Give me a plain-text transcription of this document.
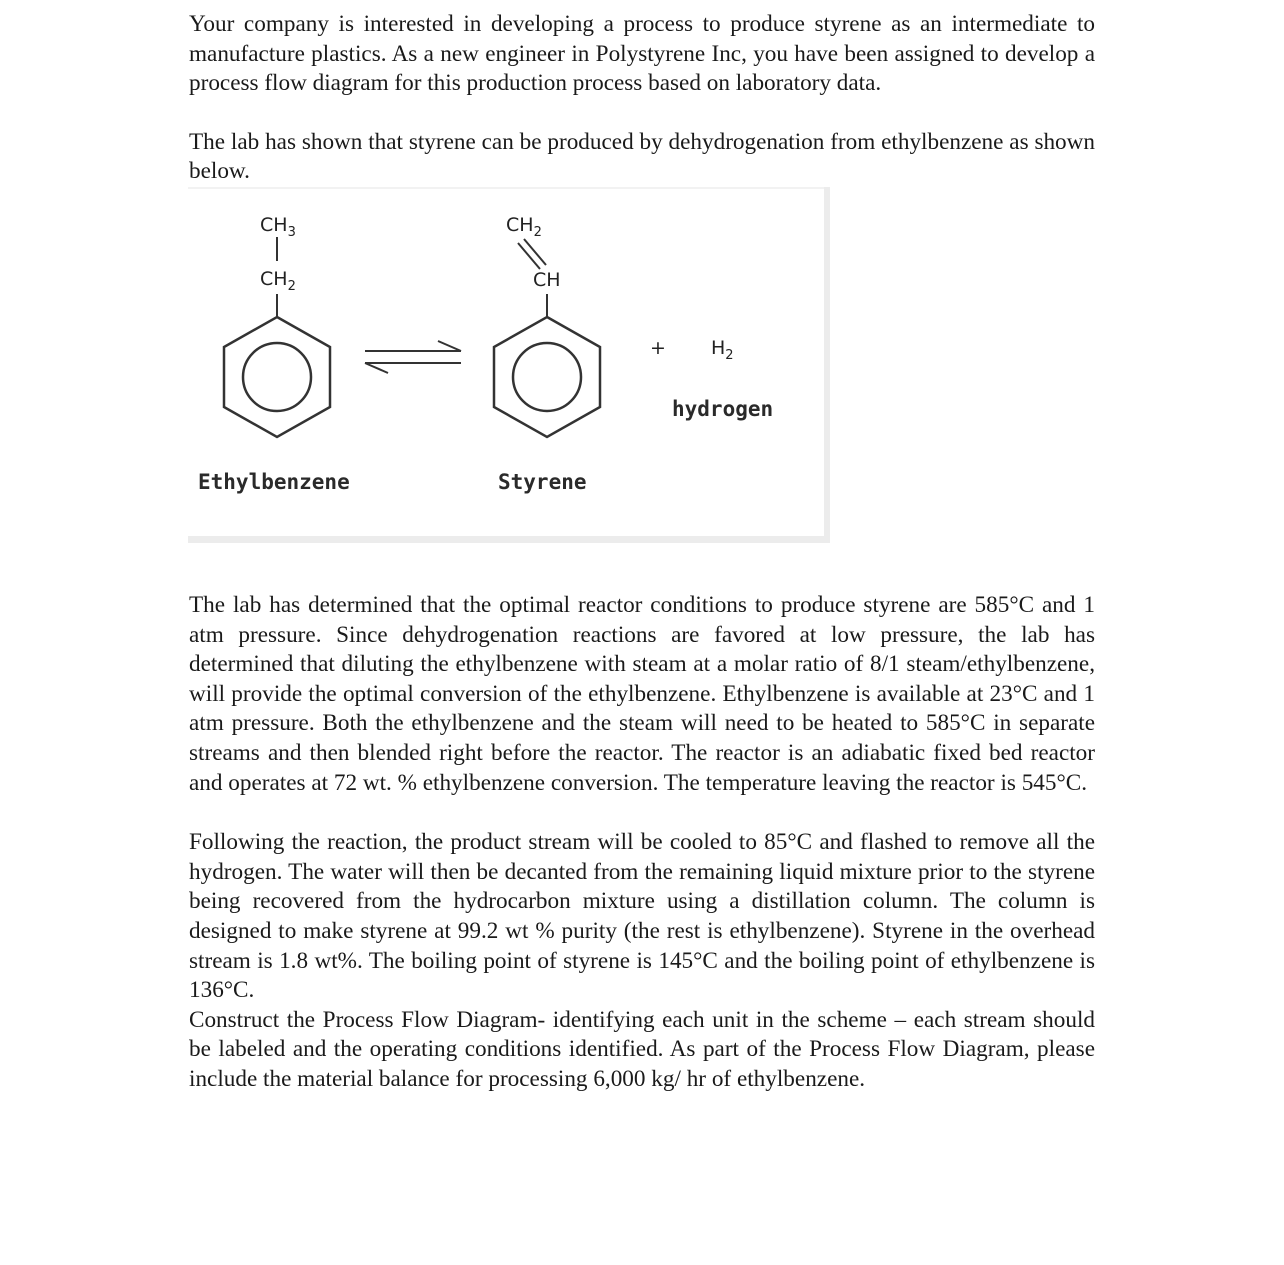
Your company is interested in developing a process to produce styrene as an intermediate to manufacture plastics. As a new engineer in Polystyrene Inc, you have been assigned to develop a process flow diagram for this production process based on laboratory data.

The lab has shown that styrene can be produced by dehydrogenation from ethylbenzene as shown below.

$CH_3$
$CH_2$
Ethylbenzene
$CH_2$
CH
Styrene
+ $H_2$
hydrogen

The lab has determined that the optimal reactor conditions to produce styrene are 585°C and 1 atm pressure. Since dehydrogenation reactions are favored at low pressure, the lab has determined that diluting the ethylbenzene with steam at a molar ratio of 8/1 steam/ethylbenzene, will provide the optimal conversion of the ethylbenzene. Ethylbenzene is available at 23°C and 1 atm pressure. Both the ethylbenzene and the steam will need to be heated to 585°C in separate streams and then blended right before the reactor. The reactor is an adiabatic fixed bed reactor and operates at 72 wt. % ethylbenzene conversion. The temperature leaving the reactor is 545°C.

Following the reaction, the product stream will be cooled to 85°C and flashed to remove all the hydrogen. The water will then be decanted from the remaining liquid mixture prior to the styrene being recovered from the hydrocarbon mixture using a distillation column. The column is designed to make styrene at 99.2 wt % purity (the rest is ethylbenzene). Styrene in the overhead stream is 1.8 wt%. The boiling point of styrene is 145°C and the boiling point of ethylbenzene is 136°C.

Construct the Process Flow Diagram- identifying each unit in the scheme – each stream should be labeled and the operating conditions identified. As part of the Process Flow Diagram, please include the material balance for processing 6,000 kg/ hr of ethylbenzene.
